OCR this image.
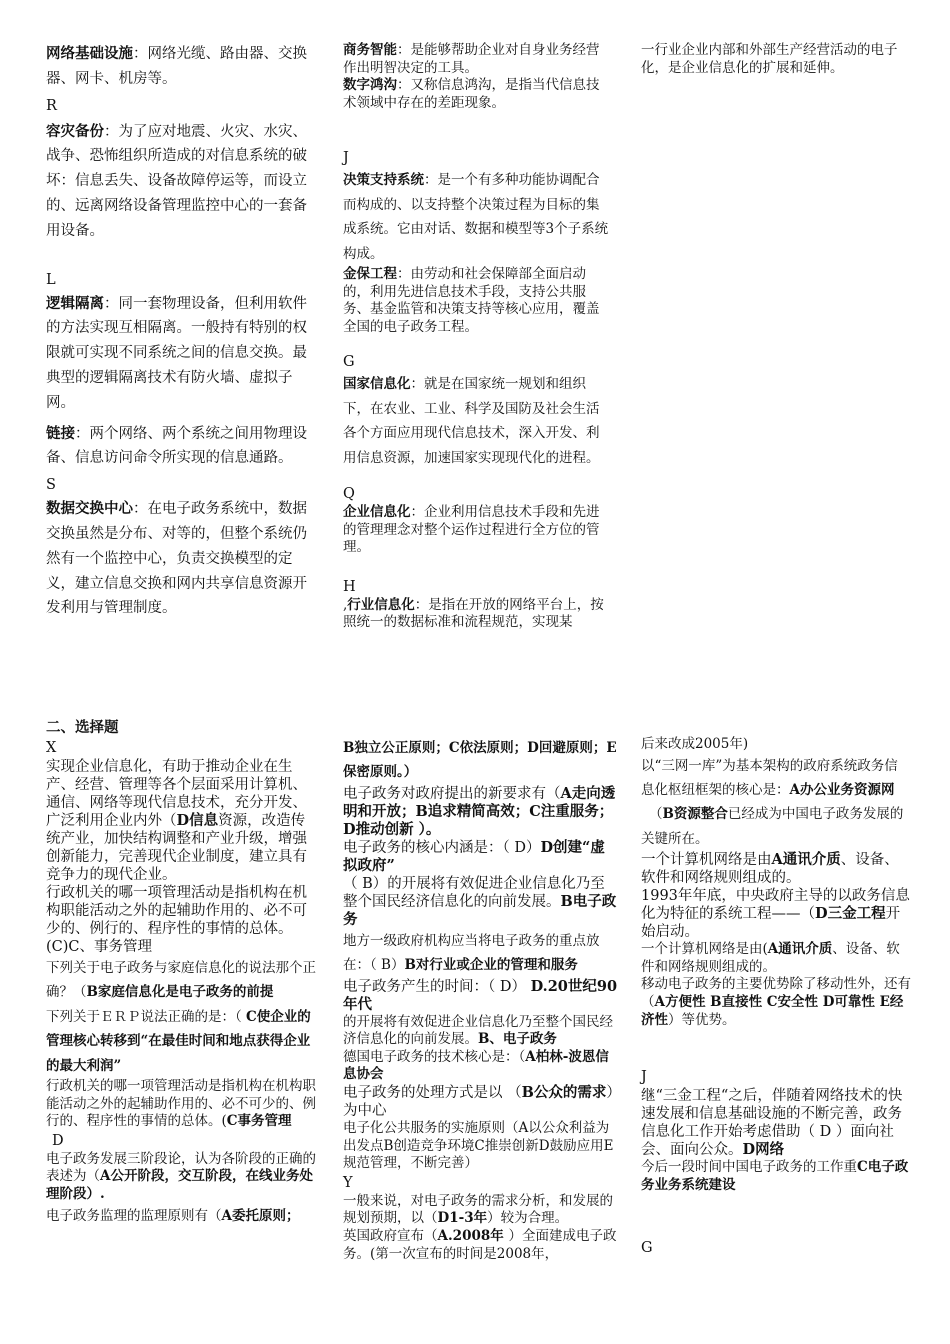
网络基础设施：网络光缆、路由器、交换器、网卡、机房等。

R

容灾备份：为了应对地震、火灾、水灾、战争、恐怖组织所造成的对信息系统的破坏：信息丢失、设备故障停运等，而设立的、远离网络设备管理监控中心的一套备用设备。

L

逻辑隔离：同一套物理设备，但利用软件的方法实现互相隔离。一般持有特别的权限就可实现不同系统之间的信息交换。最典型的逻辑隔离技术有防火墙、虚拟子网。

链接：两个网络、两个系统之间用物理设备、信息访问命令所实现的信息通路。

S

数据交换中心：在电子政务系统中，数据交换虽然是分布、对等的，但整个系统仍然有一个监控中心，负责交换模型的定义，建立信息交换和网内共享信息资源开发利用与管理制度。

商务智能：是能够帮助企业对自身业务经营作出明智决定的工具。

数字鸿沟：又称信息鸿沟，是指当代信息技术领域中存在的差距现象。

J

决策支持系统：是一个有多种功能协调配合而构成的、以支持整个决策过程为目标的集成系统。它由对话、数据和模型等3个子系统构成。

金保工程：由劳动和社会保障部全面启动的，利用先进信息技术手段，支持公共服务、基金监管和决策支持等核心应用，覆盖全国的电子政务工程。

G

国家信息化：就是在国家统一规划和组织下，在农业、工业、科学及国防及社会生活各个方面应用现代信息技术，深入开发、利用信息资源，加速国家实现现代化的进程。

Q

企业信息化：企业利用信息技术手段和先进的管理理念对整个运作过程进行全方位的管理。

H

,行业信息化：是指在开放的网络平台上，按照统一的数据标准和流程规范，实现某

一行业企业内部和外部生产经营活动的电子化，是企业信息化的扩展和延伸。

二、选择题

X

实现企业信息化，有助于推动企业在生产、经营、管理等各个层面采用计算机、通信、网络等现代信息技术，充分开发、广泛利用企业内外（D信息资源，改造传统产业，加快结构调整和产业升级，增强创新能力，完善现代企业制度，建立具有竞争力的现代企业。

行政机关的哪一项管理活动是指机构在机构职能活动之外的起辅助作用的、必不可少的、例行的、程序性的事情的总体。(C)C、事务管理

下列关于电子政务与家庭信息化的说法那个正确？（B家庭信息化是电子政务的前提

下列关于ＥＲＰ说法正确的是：（ C使企业的管理核心转移到“在最佳时间和地点获得企业的最大利润”

行政机关的哪一项管理活动是指机构在机构职能活动之外的起辅助作用的、必不可少的、例行的、程序性的事情的总体。(C事务管理

D

电子政务发展三阶段论，认为各阶段的正确的表述为（A公开阶段，交互阶段，在线业务处理阶段）.

电子政务监理的监理原则有（A委托原则；

B独立公正原则；C依法原则；D回避原则；E保密原则。）

电子政务对政府提出的新要求有（A走向透明和开放；B追求精简高效；C注重服务；D推动创新 ）。

电子政务的核心内涵是：（ D）D创建“虚拟政府”

（ B）的开展将有效促进企业信息化乃至整个国民经济信息化的向前发展。B电子政务

地方一级政府机构应当将电子政务的重点放在：（ B）B对行业或企业的管理和服务

电子政务产生的时间：（ D） D.20世纪90年代

的开展将有效促进企业信息化乃至整个国民经济信息化的向前发展。B、电子政务

德国电子政务的技术核心是：（A柏林-波恩信息协会

电子政务的处理方式是以 （B公众的需求）为中心

电子化公共服务的实施原则（A以公众利益为出发点B创造竞争环境C推崇创新D鼓励应用E规范管理，不断完善）

Y

一般来说，对电子政务的需求分析，和发展的规划预期，以（D1-3年）较为合理。

英国政府宣布（A.2008年 ）全面建成电子政务。(第一次宣布的时间是2008年，

后来改成2005年)

以“三网一库”为基本架构的政府系统政务信息化枢纽框架的核心是：A办公业务资源网

（B资源整合已经成为中国电子政务发展的关键所在。

一个计算机网络是由A通讯介质、设备、软件和网络规则组成的。

1993年年底，中央政府主导的以政务信息化为特征的系统工程——（D三金工程开始启动。

一个计算机网络是由(A通讯介质、设备、软件和网络规则组成的。

移动电子政务的主要优势除了移动性外，还有（A方便性 B直接性 C安全性 D可靠性 E经济性）等优势。

J

继“三金工程“之后，伴随着网络技术的快速发展和信息基础设施的不断完善，政务信息化工作开始考虑借助（ D ）面向社会、面向公众。D网络

今后一段时间中国电子政务的工作重C电子政务业务系统建设

G
